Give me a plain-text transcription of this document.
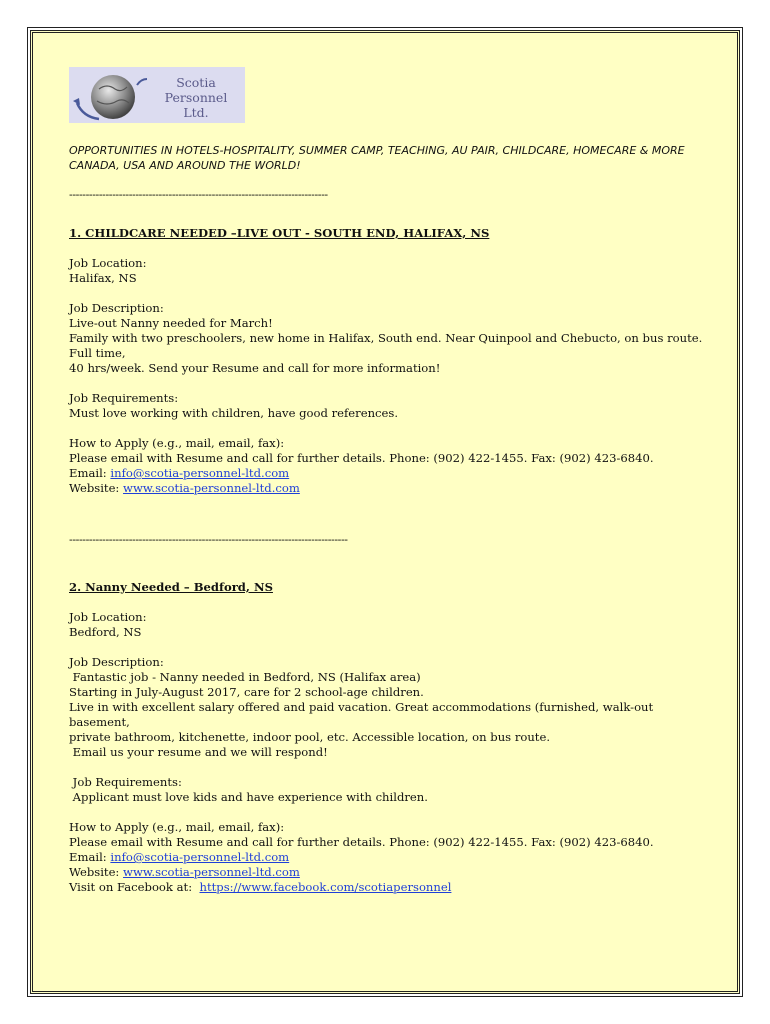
Scotia Personnel
Ltd.
OPPORTUNITIES IN HOTELS-HOSPITALITY, SUMMER CAMP, TEACHING, AU PAIR, CHILDCARE, HOMECARE & MORE
CANADA, USA AND AROUND THE WORLD!
------------------------------------------------------------------------------
1. CHILDCARE NEEDED –LIVE OUT - SOUTH END, HALIFAX, NS
Job Location:
Halifax, NS
Job Description:
Live-out Nanny needed for March!
Family with two preschoolers, new home in Halifax, South end. Near Quinpool and Chebucto, on bus route. Full time,
40 hrs/week. Send your Resume and call for more information!
Job Requirements:
Must love working with children, have good references.
How to Apply (e.g., mail, email, fax):
Please email with Resume and call for further details. Phone: (902) 422-1455. Fax: (902) 423-6840.
Email: info@scotia-personnel-ltd.com
Website: www.scotia-personnel-ltd.com
------------------------------------------------------------------------------------
2. Nanny Needed – Bedford, NS
Job Location:
Bedford, NS
Job Description:
Fantastic job - Nanny needed in Bedford, NS (Halifax area)
Starting in July-August 2017, care for 2 school-age children.
Live in with excellent salary offered and paid vacation. Great accommodations (furnished, walk-out basement,
private bathroom, kitchenette, indoor pool, etc. Accessible location, on bus route.
Email us your resume and we will respond!
Job Requirements:
Applicant must love kids and have experience with children.
How to Apply (e.g., mail, email, fax):
Please email with Resume and call for further details. Phone: (902) 422-1455. Fax: (902) 423-6840.
Email: info@scotia-personnel-ltd.com
Website: www.scotia-personnel-ltd.com
Visit on Facebook at:  https://www.facebook.com/scotiapersonnel
